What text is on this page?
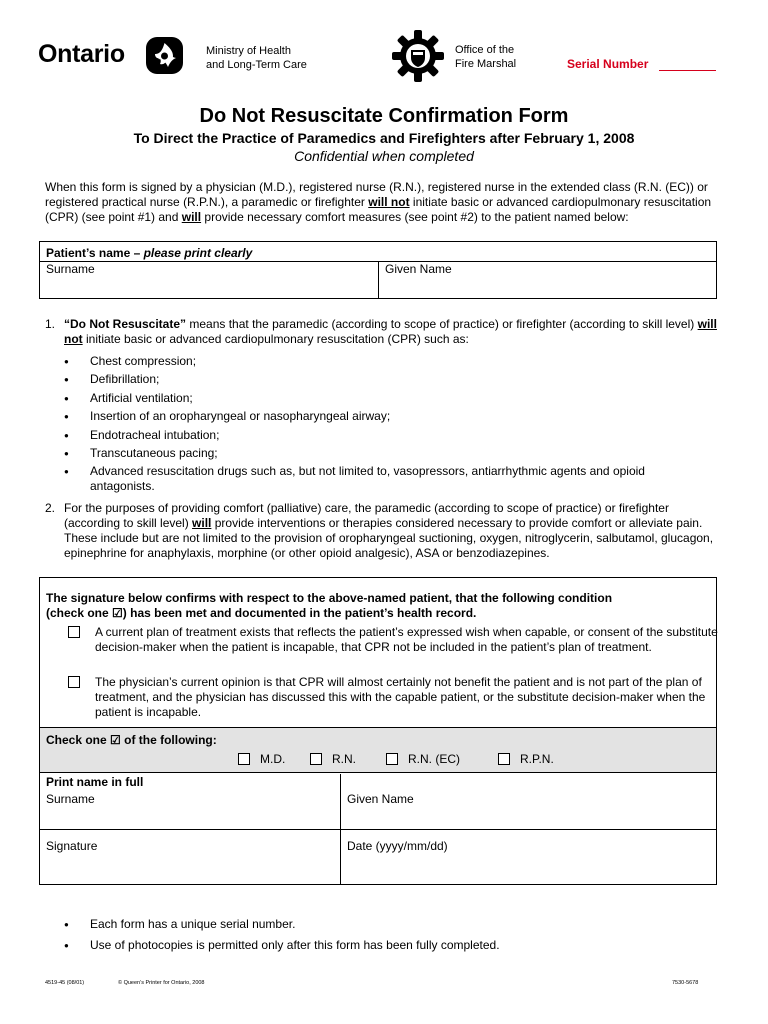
Ontario	Ministry of Health
and Long-Term Care
Office of the
Fire Marshal	Serial Number
Do Not Resuscitate Confirmation Form
To Direct the Practice of Paramedics and Firefighters after February 1, 2008
Confidential when completed
When this form is signed by a physician (M.D.), registered nurse (R.N.), registered nurse in the extended class (R.N. (EC)) or registered practical nurse (R.P.N.), a paramedic or firefighter will not initiate basic or advanced cardiopulmonary resuscitation (CPR) (see point #1) and will provide necessary comfort measures (see point #2) to the patient named below:
Patient’s name – please print clearly
Surname	Given Name
1. “Do Not Resuscitate” means that the paramedic (according to scope of practice) or firefighter (according to skill level) will not initiate basic or advanced cardiopulmonary resuscitation (CPR) such as:
● Chest compression;
● Defibrillation;
● Artificial ventilation;
● Insertion of an oropharyngeal or nasopharyngeal airway;
● Endotracheal intubation;
● Transcutaneous pacing;
● Advanced resuscitation drugs such as, but not limited to, vasopressors, antiarrhythmic agents and opioid antagonists.
2. For the purposes of providing comfort (palliative) care, the paramedic (according to scope of practice) or firefighter (according to skill level) will provide interventions or therapies considered necessary to provide comfort or alleviate pain. These include but are not limited to the provision of oropharyngeal suctioning, oxygen, nitroglycerin, salbutamol, glucagon, epinephrine for anaphylaxis, morphine (or other opioid analgesic), ASA or benzodiazepines.
The signature below confirms with respect to the above-named patient, that the following condition
(check one ☑) has been met and documented in the patient’s health record.
Check one ☑ of the following:
Print name in full
Surname	Given Name
Signature	Date (yyyy/mm/dd)
A current plan of treatment exists that reflects the patient’s expressed wish when capable, or consent of the substitute decision-maker when the patient is incapable, that CPR not be included in the patient’s plan of treatment.
The physician’s current opinion is that CPR will almost certainly not benefit the patient and is not part of the plan of treatment, and the physician has discussed this with the capable patient, or the substitute decision-maker when the patient is incapable.
M.D.	R.N.	R.N. (EC)	R.P.N.
● Each form has a unique serial number.
● Use of photocopies is permitted only after this form has been fully completed.
4519-45 (08/01)	© Queen’s Printer for Ontario, 2008	7530-5678
